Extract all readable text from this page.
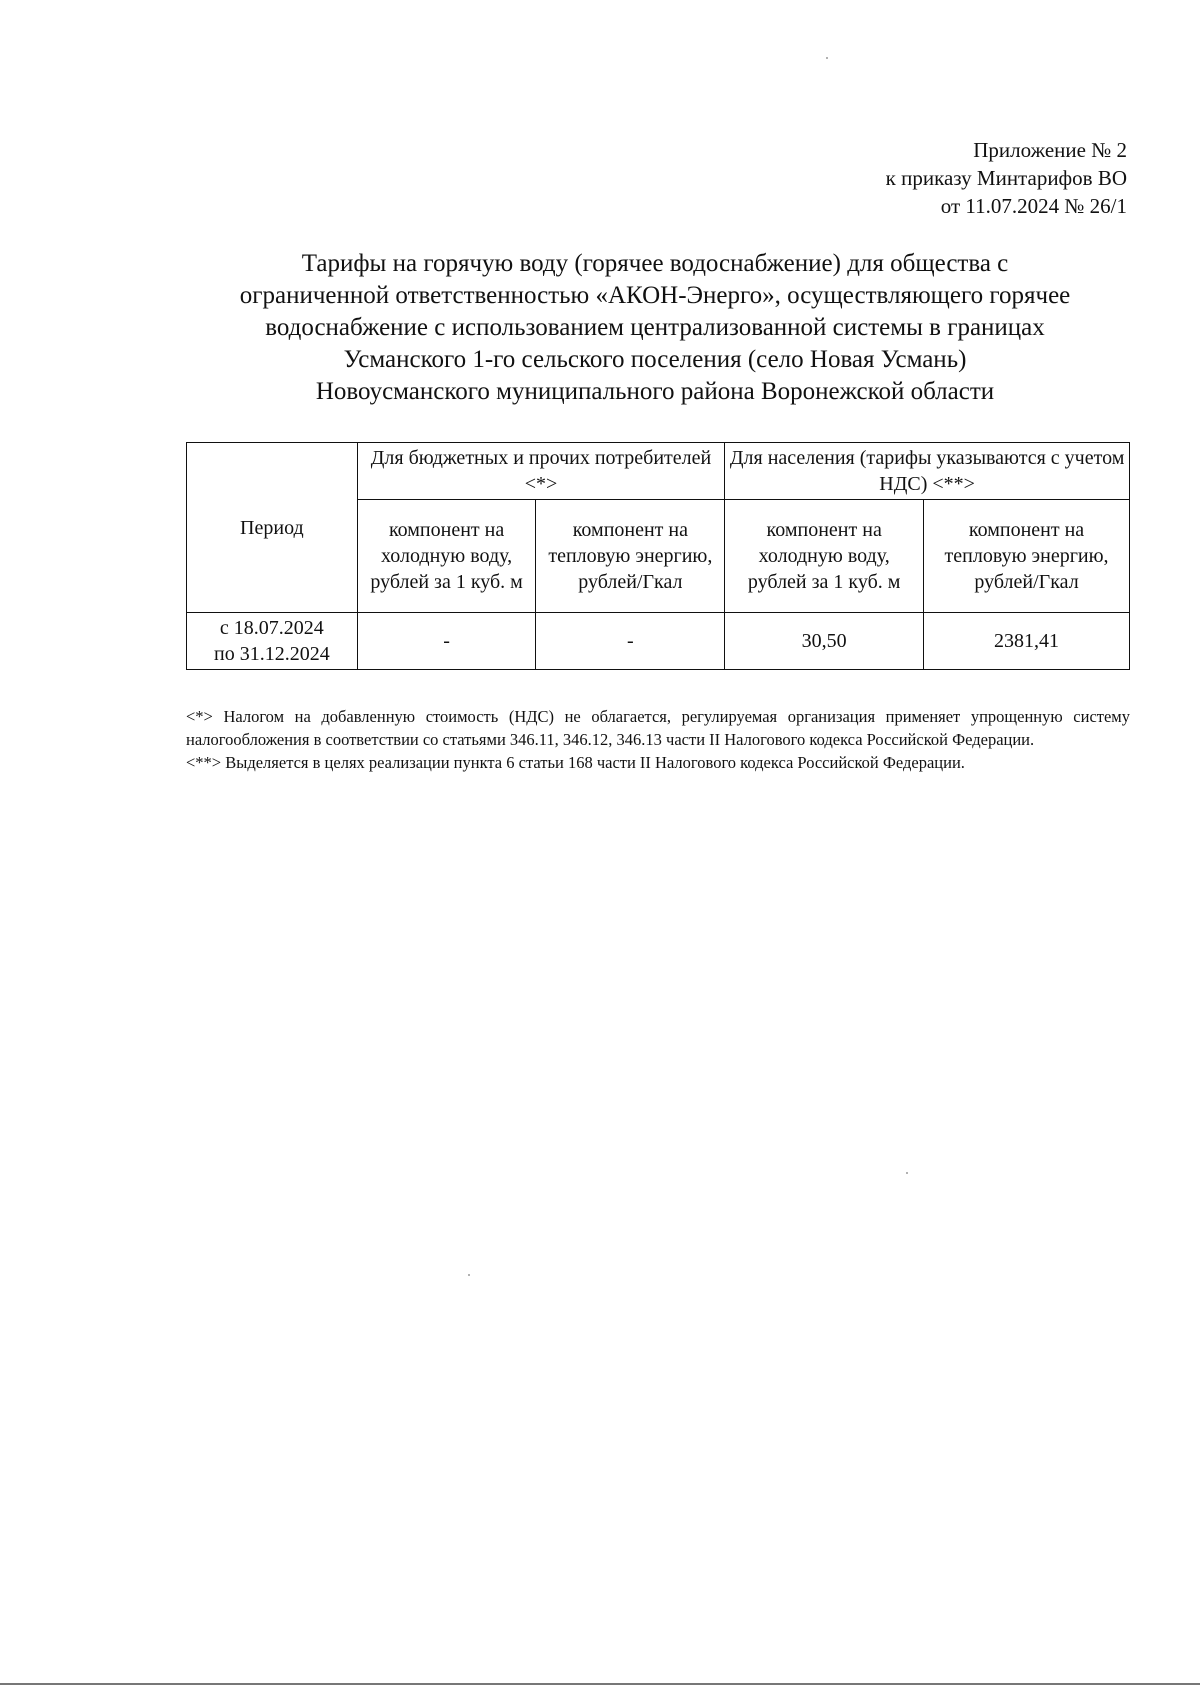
Приложение № 2
к приказу Минтарифов ВО
от 11.07.2024 № 26/1
Тарифы на горячую воду (горячее водоснабжение) для общества с
ограниченной ответственностью «АКОН-Энерго», осуществляющего горячее
водоснабжение с использованием централизованной системы в границах
Усманского 1-го сельского поселения (село Новая Усмань)
Новоусманского муниципального района Воронежской области
Период	Для бюджетных и прочих потребителей <*>		Для населения (тарифы указываются с учетом НДС) <**>	
	компонент на холодную воду, рублей за 1 куб. м	компонент на тепловую энергию, рублей/Гкал	компонент на холодную воду, рублей за 1 куб. м	компонент на тепловую энергию, рублей/Гкал

с 18.07.2024
по 31.12.2024	-	-	30,50	2381,41

<*> Налогом на добавленную стоимость (НДС) не облагается, регулируемая организация применяет упрощенную систему налогообложения в соответствии со статьями 346.11, 346.12, 346.13 части II Налогового кодекса Российской Федерации.

<**> Выделяется в целях реализации пункта 6 статьи 168 части II Налогового кодекса Российской Федерации.
